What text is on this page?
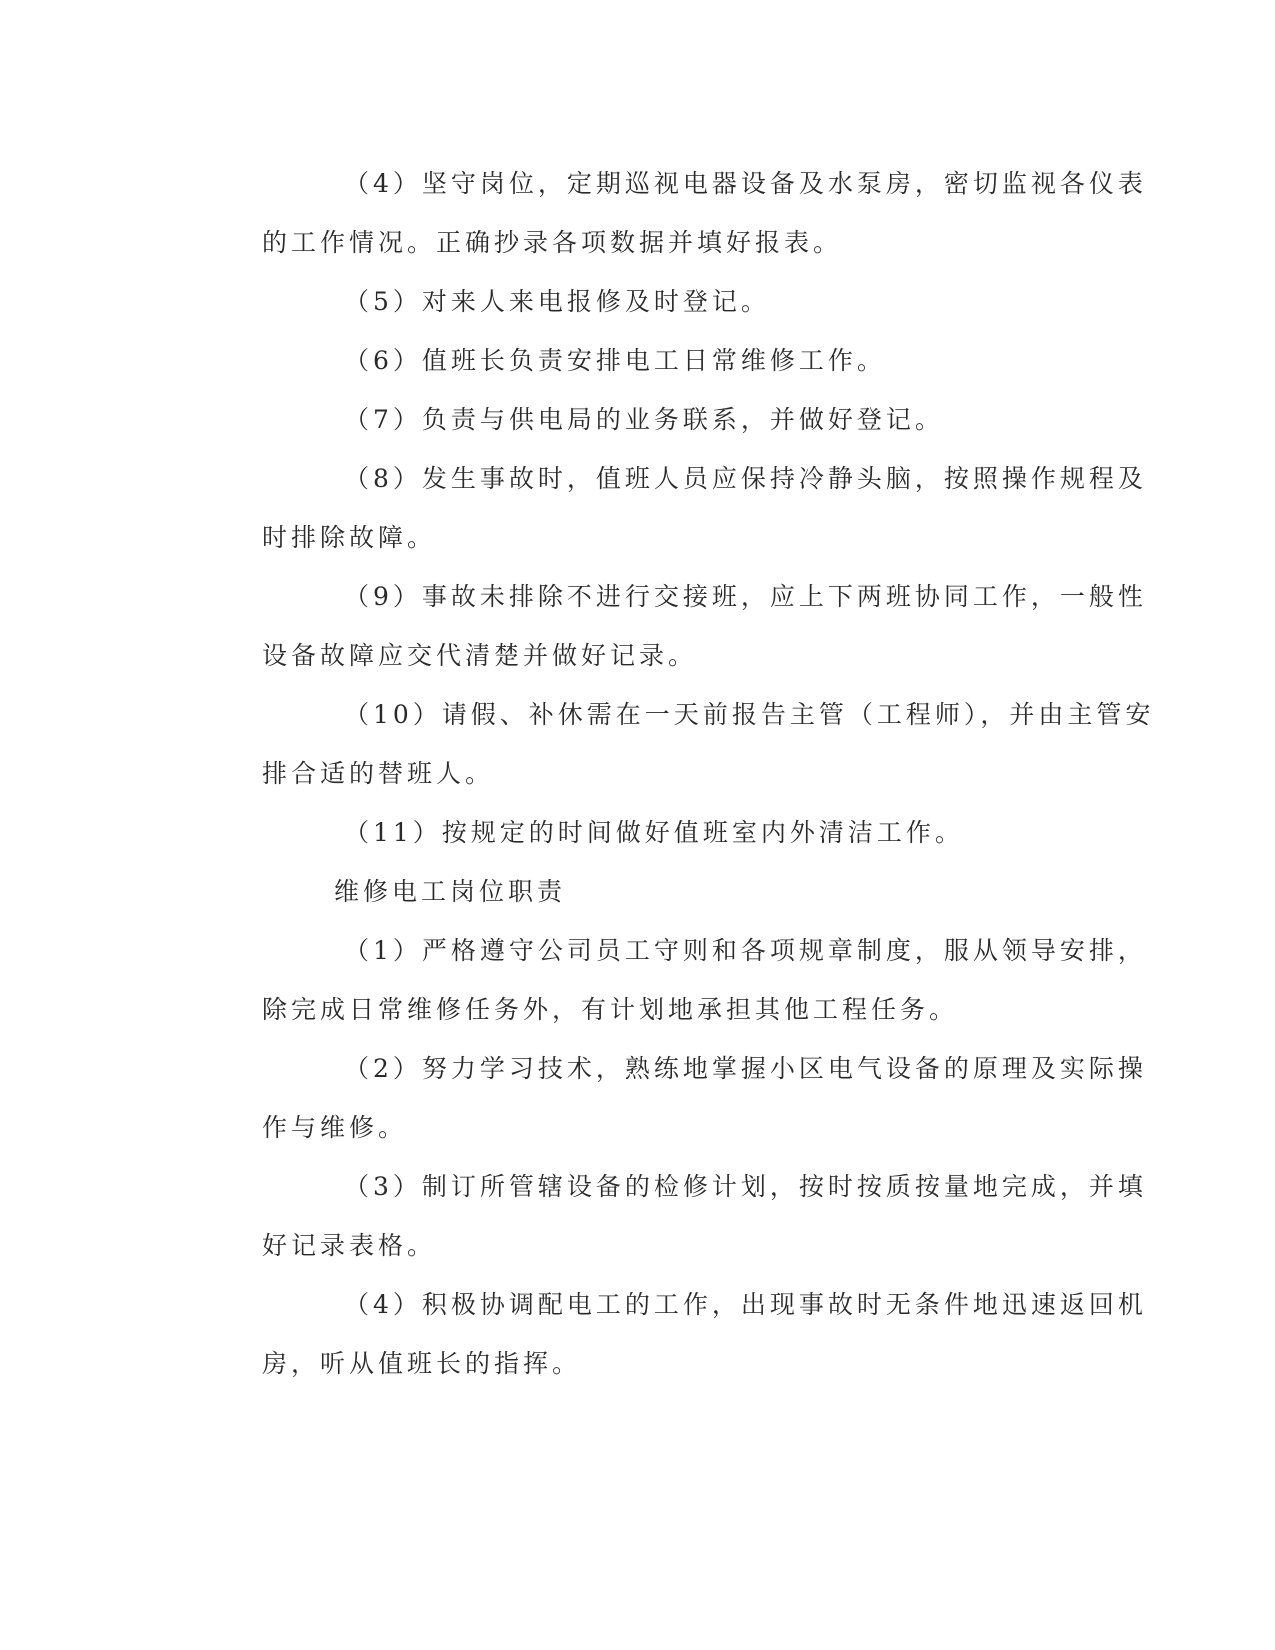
（4）坚守岗位，定期巡视电器设备及水泵房，密切监视各仪表
的工作情况。正确抄录各项数据并填好报表。
（5）对来人来电报修及时登记。
（6）值班长负责安排电工日常维修工作。
（7）负责与供电局的业务联系，并做好登记。
（8）发生事故时，值班人员应保持冷静头脑，按照操作规程及
时排除故障。
（9）事故未排除不进行交接班，应上下两班协同工作，一般性
设备故障应交代清楚并做好记录。
（10）请假、补休需在一天前报告主管（工程师），并由主管安
排合适的替班人。
（11）按规定的时间做好值班室内外清洁工作。
维修电工岗位职责
（1）严格遵守公司员工守则和各项规章制度，服从领导安排，
除完成日常维修任务外，有计划地承担其他工程任务。
（2）努力学习技术，熟练地掌握小区电气设备的原理及实际操
作与维修。
（3）制订所管辖设备的检修计划，按时按质按量地完成，并填
好记录表格。
（4）积极协调配电工的工作，出现事故时无条件地迅速返回机
房，听从值班长的指挥。
